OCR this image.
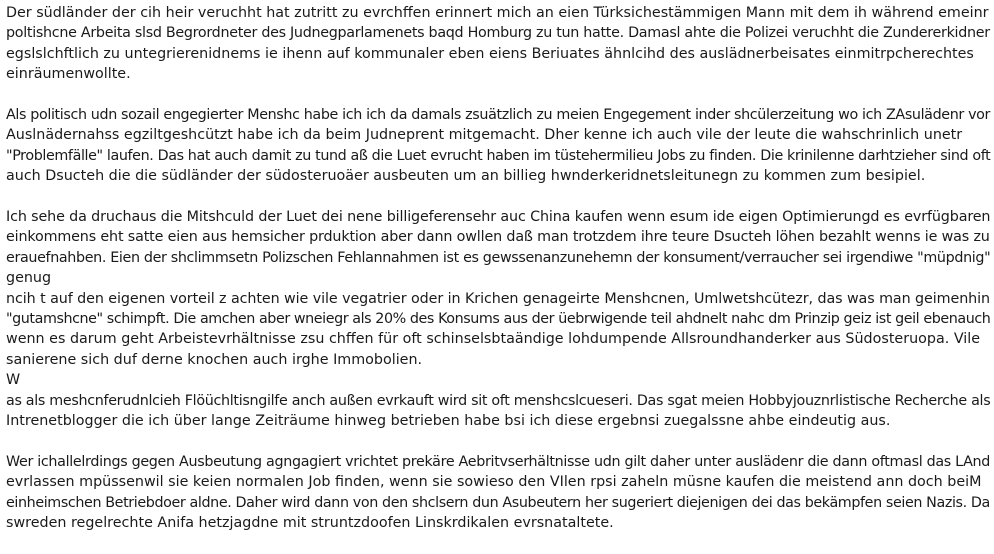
Der südländer der cih heir veruchht hat zutritt zu evrchffen erinnert mich an eien Türksichestämmigen Mann mit dem ih während emeinr
poltishcne Arbeita slsd Begrordneter des Judnegparlamenets baqd Homburg zu tun hatte. Damasl ahte die Polizei veruchht die Zundererkidner
egslslchftlich zu untegrierenidnems ie ihenn auf kommunaler eben eiens Beriuates ähnlcihd des auslädnerbeisates einmitrpcherechtes
einräumenwollte.

Als politisch udn sozail engegierter Menshc habe ich ich da damals zsuätzlich zu meien Engegement inder shcülerzeitung wo ich ZAsulädenr vor
Auslnädernahss egziltgeshcützt habe ich da beim Judneprent mitgemacht. Dher kenne ich auch vile der leute die wahschrinlich unetr
"Problemfälle" laufen. Das hat auch damit zu tund aß die Luet evrucht haben im tüstehermilieu Jobs zu finden. Die krinilenne darhtzieher sind oft
auch Dsucteh die die südländer der südosteruoäer ausbeuten um an billieg hwnderkeridnetsleitunegn zu kommen zum besipiel.

Ich sehe da druchaus die Mitshculd der Luet dei nene billigeferensehr auc China kaufen wenn esum ide eigen Optimierungd es evrfügbaren
einkommens eht satte eien aus hemsicher prduktion aber dann owllen daß man trotzdem ihre teure Dsucteh löhen bezahlt wenns ie was zu
erauefnahben. Eien der shclimmsetn Polizschen Fehlannahmen ist es gewssenanzunehemn der konsument/verraucher sei irgendiwe "müpdnig"
genug
ncih t auf den eigenen vorteil z achten wie vile vegatrier oder in Krichen genageirte Menshcnen, Umlwetshcütezr, das was man geimenhin
"gutamshcne" schimpft. Die amchen aber wneiegr als 20% des Konsums aus der üebrwigende teil ahdnelt nahc dm Prinzip geiz ist geil ebenauch
wenn es darum geht Arbeistevrhältnisse zsu chffen für oft schinselsbtaändige lohdumpende Allsroundhanderker aus Südosteruopa. Vile
sanierene sich duf derne knochen auch irghe Immobolien.
W
as als meshcnferudnlcieh Flöüchltisngilfe anch außen evrkauft wird sit oft menshcslcueseri. Das sgat meien Hobbyjouznrlistische Recherche als
Intrenetblogger die ich über lange Zeiträume hinweg betrieben habe bsi ich diese ergebnsi zuegalssne ahbe eindeutig aus.

Wer ichallelrdings gegen Ausbeutung agngagiert vrichtet prekäre Aebritvserhältnisse udn gilt daher unter auslädenr die dann oftmasl das LAnd
evrlassen mpüssenwil sie keien normalen Job finden, wenn sie sowieso den VIlen rpsi zaheln müsne kaufen die meistend ann doch beiM
einheimschen Betriebdoer aldne. Daher wird dann von den shclsern dun Asubeutern her sugeriert diejenigen dei das bekämpfen seien Nazis. Da
swreden regelrechte Anifa hetzjagdne mit struntzdoofen Linskrdikalen evrsnataltete.
